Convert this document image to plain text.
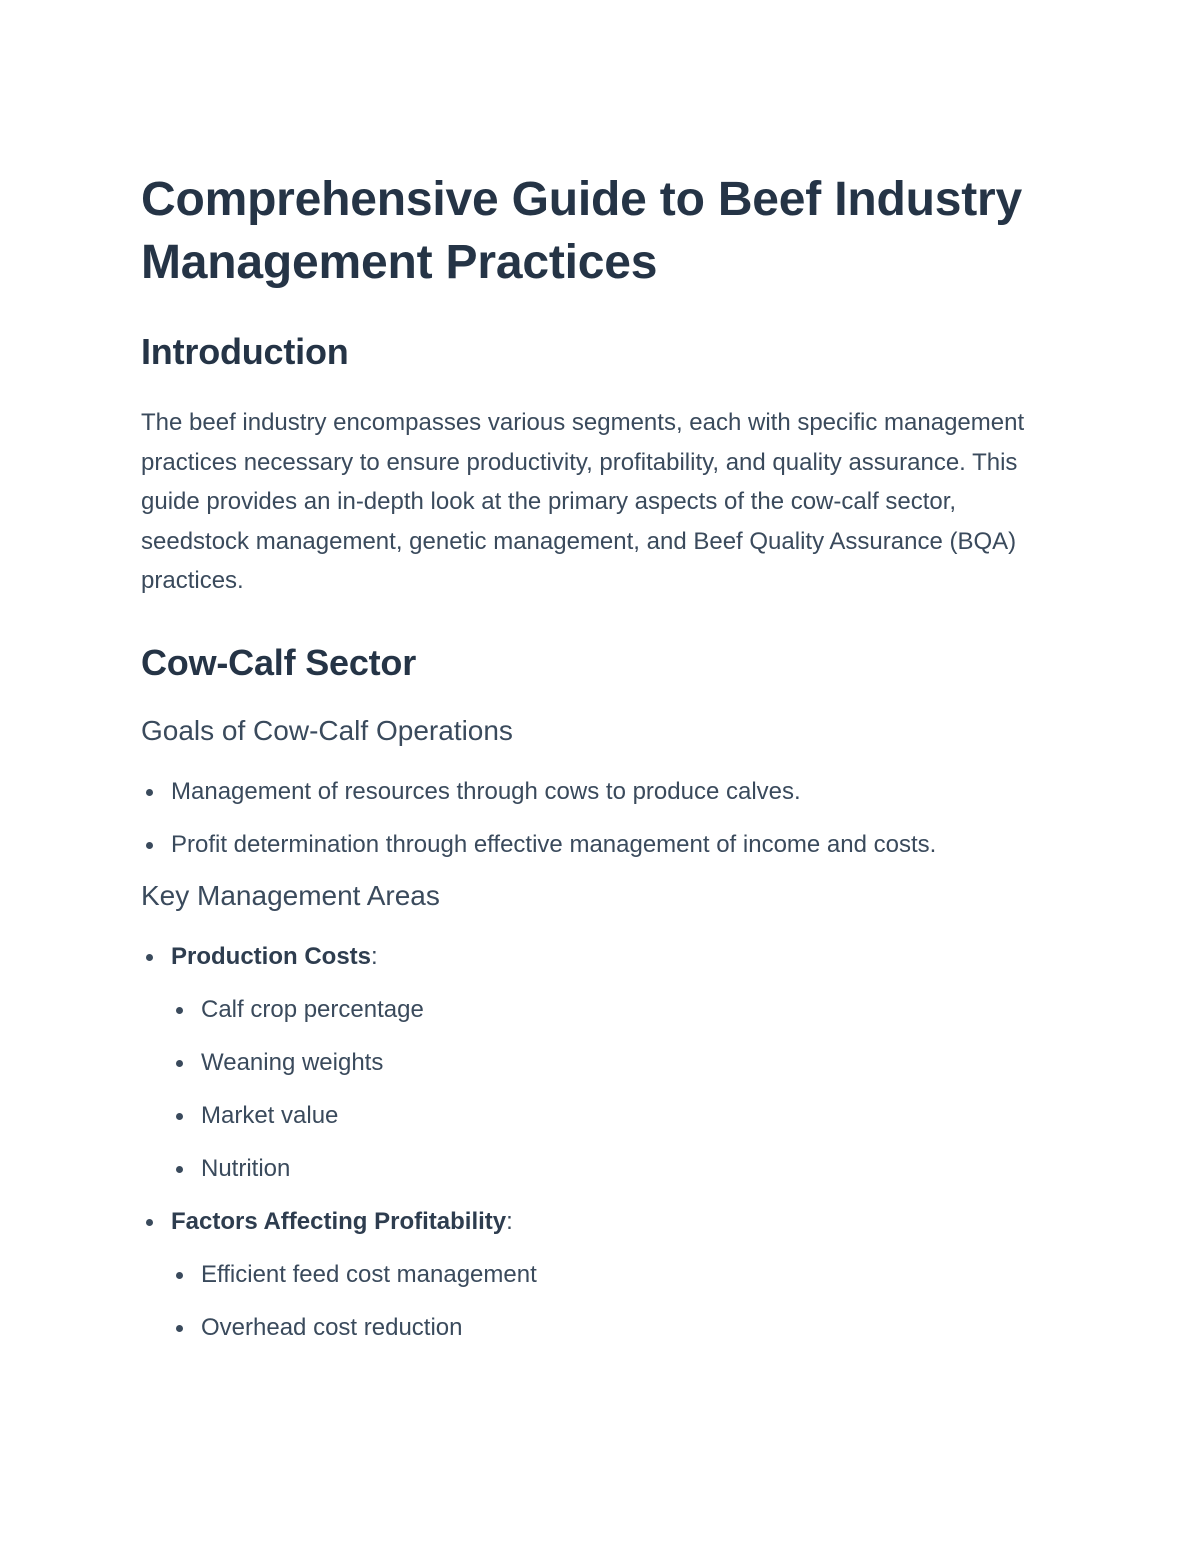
Comprehensive Guide to Beef Industry Management Practices
Introduction

The beef industry encompasses various segments, each with specific management practices necessary to ensure productivity, profitability, and quality assurance. This guide provides an in-depth look at the primary aspects of the cow-calf sector, seedstock management, genetic management, and Beef Quality Assurance (BQA) practices.

Cow-Calf Sector
Goals of Cow-Calf Operations
Management of resources through cows to produce calves.
Profit determination through effective management of income and costs.
Key Management Areas
Production Costs:
Calf crop percentage
Weaning weights
Market value
Nutrition
Factors Affecting Profitability:
Efficient feed cost management
Overhead cost reduction
